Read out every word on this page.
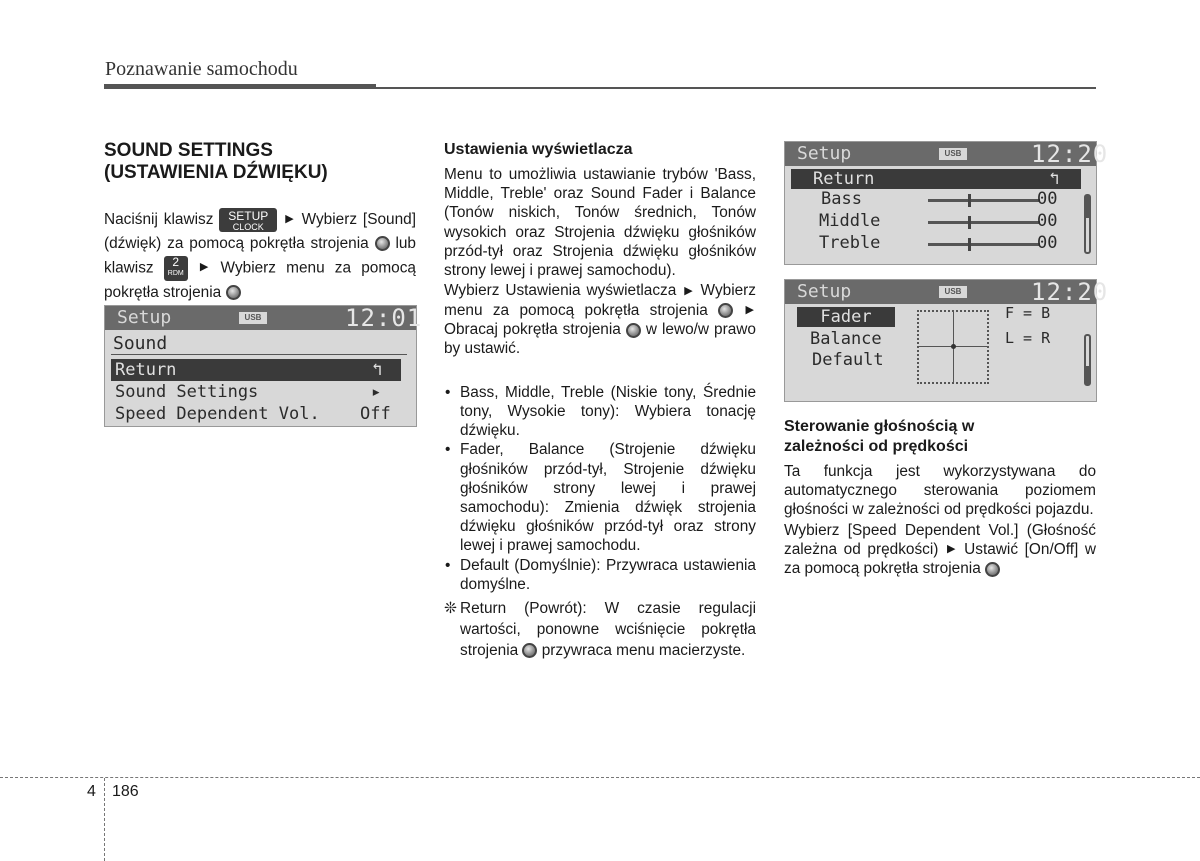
Poznawanie samochodu
SOUND SETTINGS
(USTAWIENIA DŹWIĘKU)

Naciśnij klawisz	SETUP
CLOCK
▶ Wybierz [Sound] (dźwięk) za pomocą pokrętła strojenia lub klawisz	2
RDM	▶ Wybierz menu za pomocą pokrętła strojenia

Setup	USB	12:01
Sound
Return	↰
Sound Settings	▸
Speed Dependent Vol. Off

Ustawienia wyświetlacza

Menu to umożliwia ustawianie trybów 'Bass, Middle, Treble' oraz Sound Fader i Balance (Tonów niskich, Tonów średnich, Tonów wysokich oraz Strojenia dźwięku głośników przód-tył oraz Strojenia dźwięku głośników strony lewej i prawej samochodu).

Wybierz Ustawienia wyświetlacza ▶ Wybierz menu za pomocą pokrętła strojenia	▶ Obracaj pokrętła strojenia w lewo/w prawo by ustawić.

• Bass, Middle, Treble (Niskie tony, Średnie tony, Wysokie tony): Wybiera tonację dźwięku.
• Fader, Balance (Strojenie dźwięku głośników przód-tył, Strojenie dźwięku głośników strony lewej i prawej samochodu): Zmienia dźwięk strojenia dźwięku głośników przód-tył oraz strony lewej i prawej samochodu.
• Default (Domyślnie): Przywraca ustawienia domyślne.

❊ Return (Powrót): W czasie regulacji wartości, ponowne wciśnięcie pokrętła strojenia przywraca menu macierzyste.

Setup	USB	12:20
Return	↰
Bass	00
Middle	00
Treble	00
Setup	USB	12:20
Fader
Balance
Default
F = B
L = R

Sterowanie głośnością w
zależności od prędkości

Ta funkcja jest wykorzystywana do automatycznego sterowania poziomem głośności w zależności od prędkości pojazdu.

Wybierz [Speed Dependent Vol.] (Głośność zależna od prędkości) ▶ Ustawić [On/Off] w za pomocą pokrętła strojenia

4 186
